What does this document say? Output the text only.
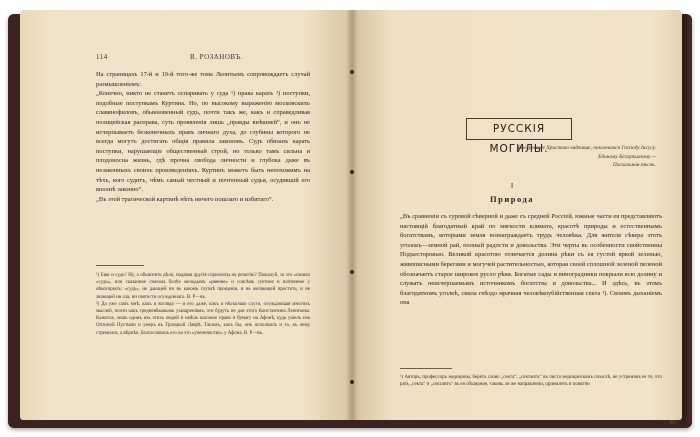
114	В. РОЗАНОВЪ.
На страницахъ 17-й и 19-й того-же тома Леонтьевъ сопровождаетъ случай размышленіемъ:
„Конечно, никто не станетъ оспаривать у суда ¹) права карать ²) поступки, подобные поступкамъ Куртина. Но, по высокому выраженію московскихъ славянофиловъ, обыкновенный судъ, почти такъ же, какъ и справедливая полицейская расправа, суть проявленія лишь „правды внѣшней“, и онъ не исчерпываетъ безконечныхъ правъ личнаго духа, до глубины которого не всегда могутъ достигать общія правила законовъ. Судъ обязанъ карать поступки, нарушающіе общественный строй, но только тамъ сильна и плодоносна жизнь, гдѣ прочна свобода личности и глубока даже въ незаконныхъ своихъ произведеніяхъ. Куртинъ можетъ быть непохожимъ на тѣхъ, кого судитъ, чѣмъ самый честный и почтенный судья, осудившій его вполнѣ законно“.
„Въ этой трагической картинѣ нѣтъ ничего пошлаго и избитаго“.
¹) Еще и судъ? Ну, а объяснить дѣло, подавая другія горизонты на религію? Пожалуй, за это «пошло «судъ», или сказанное сначала болѣе молодымъ «рвение» и совсѣмъ суетное и почтенное у нѣкоторыхъ: «судъ», не дающей ни въ какомъ случаѣ прощенія, и не желающей простить, и не знающей ни зла, ни святости осужденнаго. В. Р—въ.
²) Да уже самъ мнѣ, какъ и взгляда — и его даже, какъ и нѣсколько слуги, осуждающая многихъ мыслей, почти какъ средневѣковымъ ухищреніямъ, эти будутъ не для этого Константина Леонтьева. Кажется, лишь одинъ изъ этихъ людей и имѣлъ высокое право и бумагу на Афонѣ, куда ушелъ изъ Оптиной Пустыни и умеръ въ Троицкой Лаврѣ. Такимъ, какъ бы, онъ исполнилъ и то, къ чему стремился, а вѣрнѣе, благословилъ его на это «ученичество» у Афона. В. Р—въ.
РУССКІЯ МОГИЛЫ.
Воскресеніе Христово видѣвше, поклонимся Господу Іисусу. Единому Безгрѣшному.—
Пасхальная пѣснь.
I
Природа
„Въ сравненіи съ суровой сѣверной и даже съ средней Россіей, южные части ея представляютъ настоящій благодатный край по мягкости климата, красотѣ природы и естественнымъ богатствамъ, которыми земля вознаграждаетъ трудъ человѣка. Для жителя сѣвера этотъ уголокъ—земной рай, полный радости и довольства. Эти черты въ особенности свойственны Подъесторовью. Великой красотою отличается долина рѣки съ ея густой яркой зеленью, живописными берегами и могучей растительностью, которая своей сплошной зеленой пеленой обозначаетъ старое широкое русло рѣки. Богатые сады и виноградники покрыли всю долину и служатъ неисчерпаемымъ источникомъ богатства и довольства... И здѣсь, въ этомъ благодатномъ уголкѣ, свила гнѣздо мрачная человѣкоубійственная секта ¹). Своимъ дыханіемъ она
¹) Авторъ, профессоръ медицины, беретъ слово „секта“, „сектантъ“ въ чисто медицинскомъ смыслѣ, не устремивъ ее то, что рать „секта“ и „сектантъ“ въ ея обширное, таковъ ли же направленіи, приемлетъ и понятію
